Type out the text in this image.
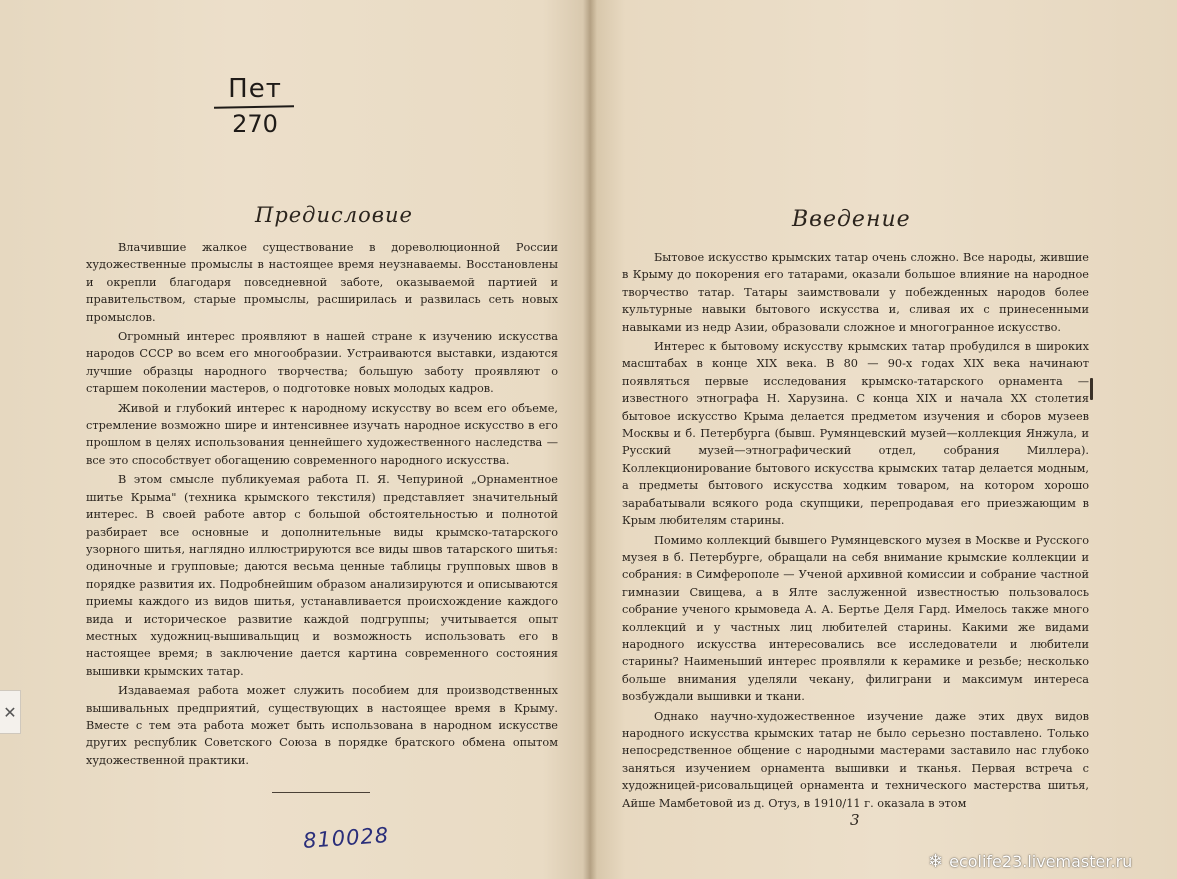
Пет
270
Предисловие

Влачившие жалкое существование в дореволюционной России художественные промыслы в настоящее время неузнаваемы. Восстановлены и окрепли благодаря повседневной заботе, оказываемой партией и правительством, старые промыслы, расширилась и развилась сеть новых промыслов.

Огромный интерес проявляют в нашей стране к изучению искусства народов СССР во всем его многообразии. Устраиваются выставки, издаются лучшие образцы народного творчества; большую заботу проявляют о старшем поколении мастеров, о подготовке новых молодых кадров.

Живой и глубокий интерес к народному искусству во всем его объеме, стремление возможно шире и интенсивнее изучать народное искусство в его прошлом в целях использования ценнейшего художественного наследства — все это способствует обогащению современного народного искусства.

В этом смысле публикуемая работа П. Я. Чепуриной „Орнаментное шитье Крыма" (техника крымского текстиля) представляет значительный интерес. В своей работе автор с большой обстоятельностью и полнотой разбирает все основные и дополнительные виды крымско-татарского узорного шитья, наглядно иллюстрируются все виды швов татарского шитья: одиночные и групповые; даются весьма ценные таблицы групповых швов в порядке развития их. Подробнейшим образом анализируются и описываются приемы каждого из видов шитья, устанавливается происхождение каждого вида и историческое развитие каждой подгруппы; учитывается опыт местных художниц-вышивальщиц и возможность использовать его в настоящее время; в заключение дается картина современного состояния вышивки крымских татар.

Издаваемая работа может служить пособием для производственных вышивальных предприятий, существующих в настоящее время в Крыму. Вместе с тем эта работа может быть использована в народном искусстве других республик Советского Союза в порядке братского обмена опытом художественной практики.

810028
Введение

Бытовое искусство крымских татар очень сложно. Все народы, жившие в Крыму до покорения его татарами, оказали большое влияние на народное творчество татар. Татары заимствовали у побежденных народов более культурные навыки бытового искусства и, сливая их с принесенными навыками из недр Азии, образовали сложное и многогранное искусство.

Интерес к бытовому искусству крымских татар пробудился в широких масштабах в конце XIX века. В 80 — 90-х годах XIX века начинают появляться первые исследования крымско-татарского орнамента — известного этнографа Н. Харузина. С конца XIX и начала XX столетия бытовое искусство Крыма делается предметом изучения и сборов музеев Москвы и б. Петербурга (бывш. Румянцевский музей—коллекция Янжула, и Русский музей—этнографический отдел, собрания Миллера). Коллекционирование бытового искусства крымских татар делается модным, а предметы бытового искусства ходким товаром, на котором хорошо зарабатывали всякого рода скупщики, перепродавая его приезжающим в Крым любителям старины.

Помимо коллекций бывшего Румянцевского музея в Москве и Русского музея в б. Петербурге, обращали на себя внимание крымские коллекции и собрания: в Симферополе — Ученой архивной комиссии и собрание частной гимназии Свищева, а в Ялте заслуженной известностью пользовалось собрание ученого крымоведа А. А. Бертье Деля Гард. Имелось также много коллекций и у частных лиц любителей старины. Какими же видами народного искусства интересовались все исследователи и любители старины? Наименьший интерес проявляли к керамике и резьбе; несколько больше внимания уделяли чекану, филиграни и максимум интереса возбуждали вышивки и ткани.

Однако научно-художественное изучение даже этих двух видов народного искусства крымских татар не было серьезно поставлено. Только непосредственное общение с народными мастерами заставило нас глубоко заняться изучением орнамента вышивки и тканья. Первая встреча с художницей-рисовальщицей орнамента и технического мастерства шитья, Айше Мамбетовой из д. Отуз, в 1910/11 г. оказала в этом

3
✕
❄ ecolife23.livemaster.ru
